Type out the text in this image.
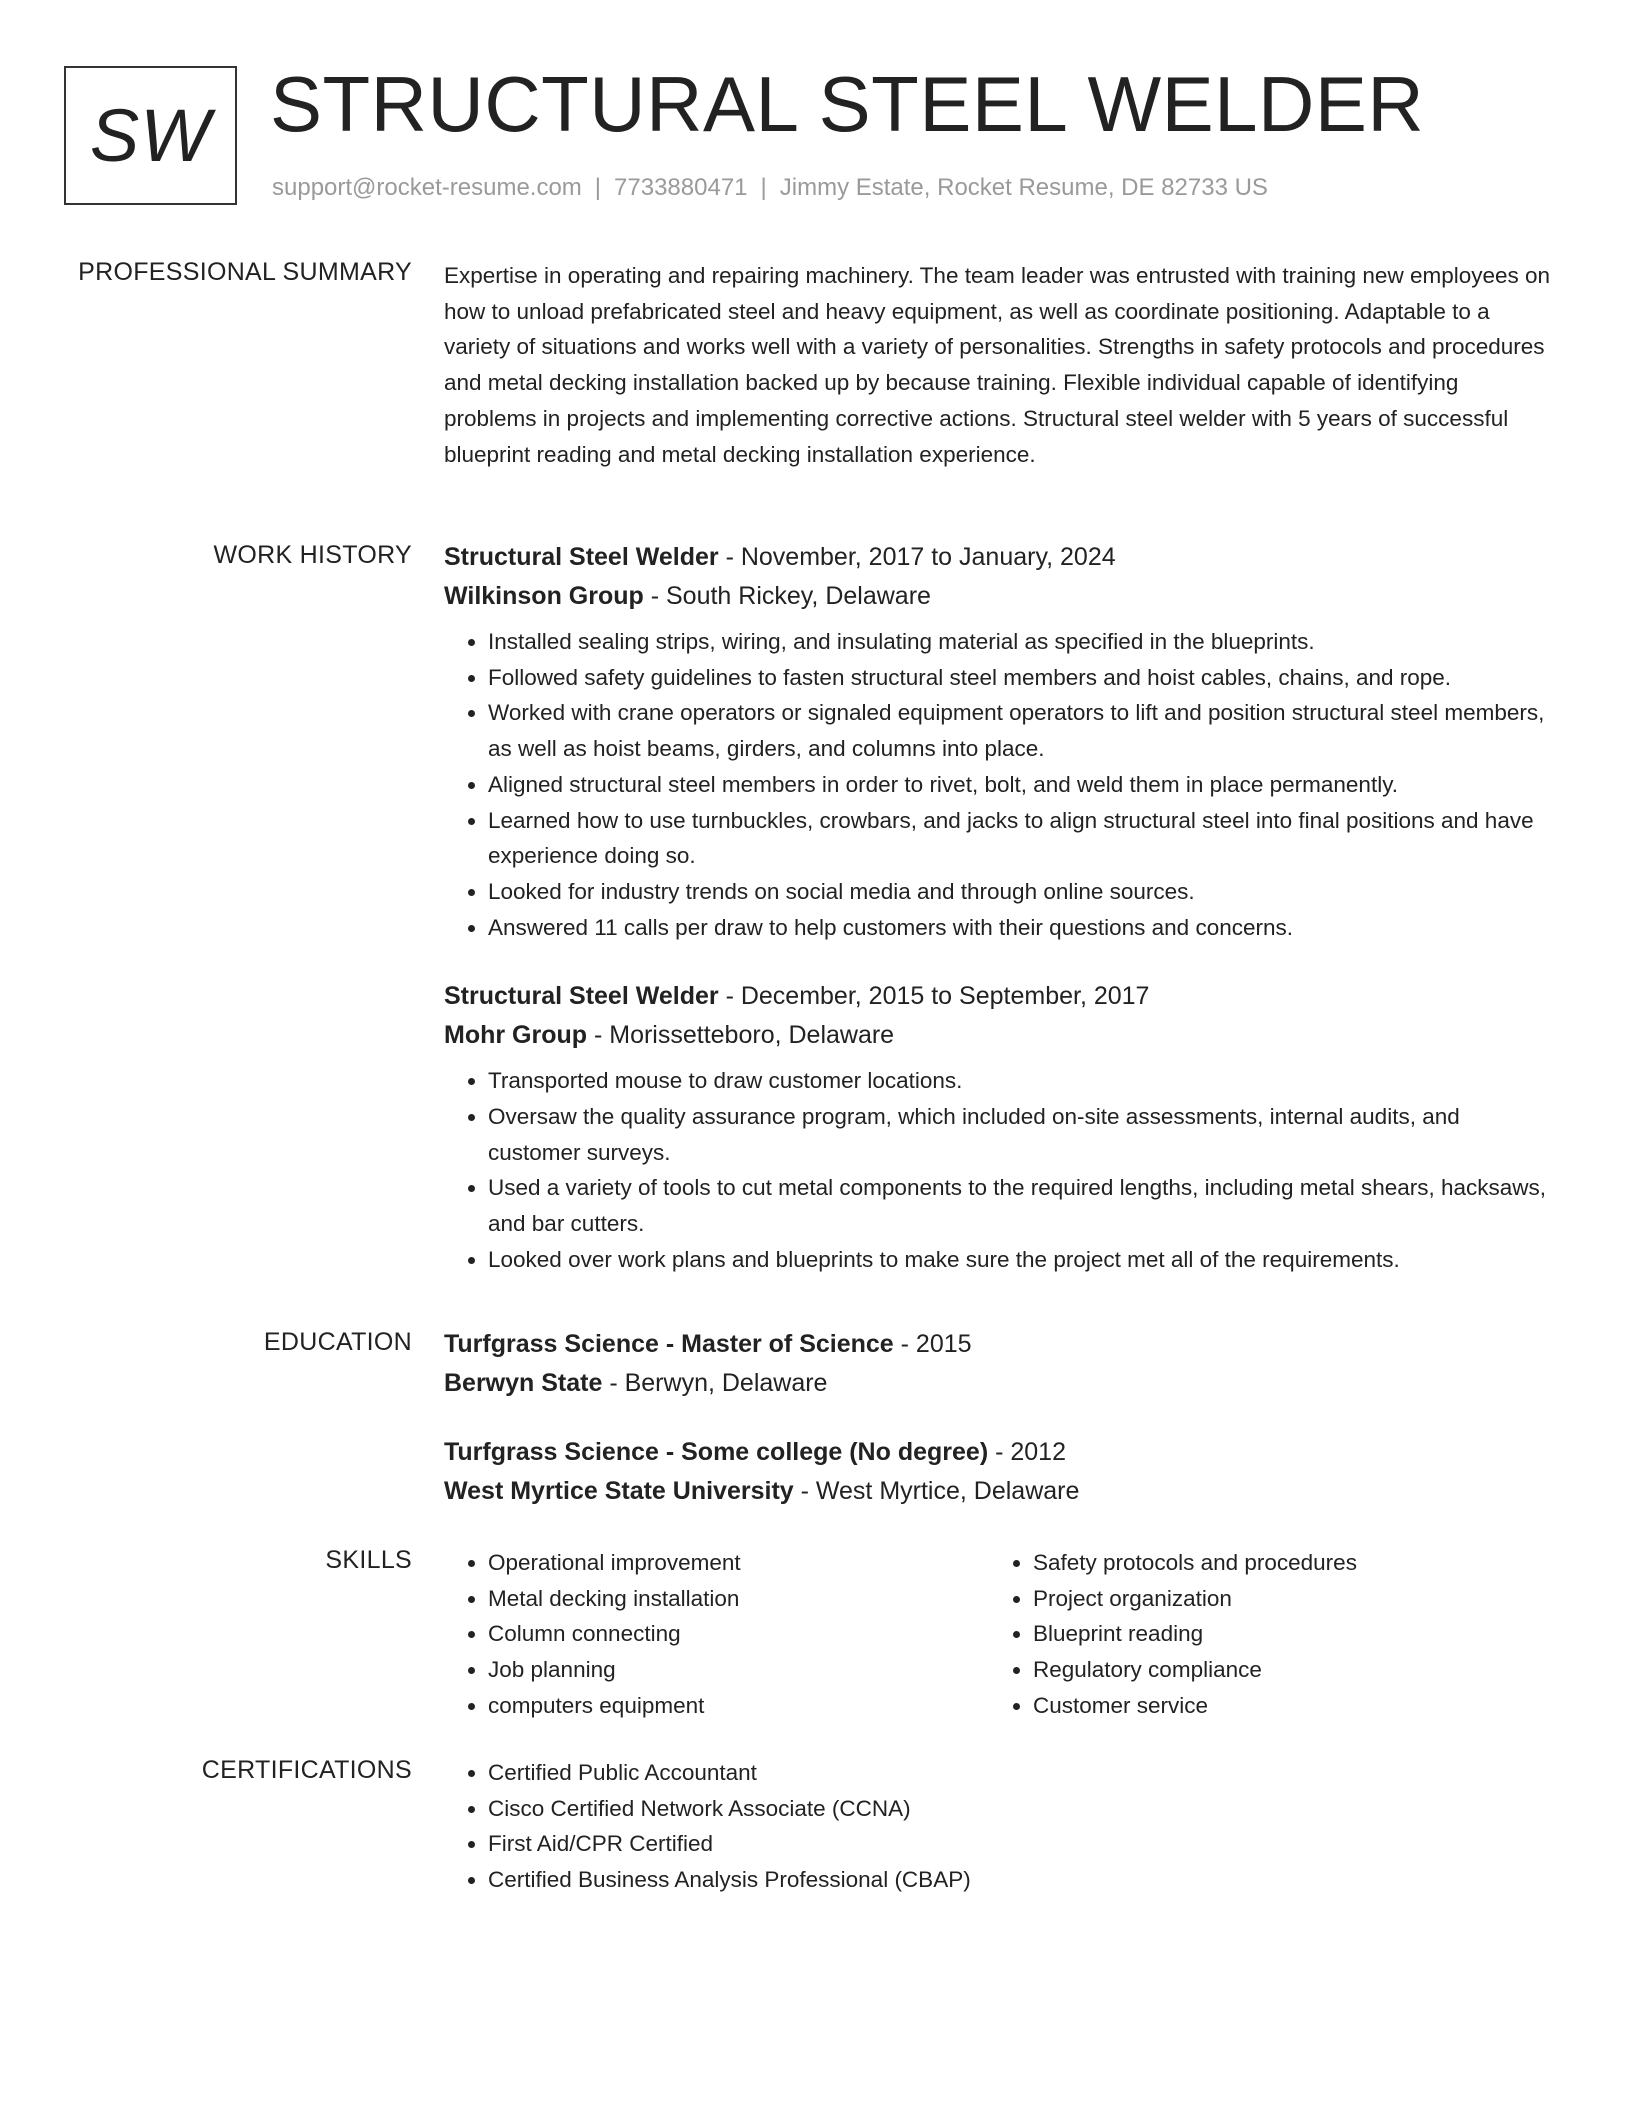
SW STRUCTURAL STEEL WELDER
support@rocket-resume.com | 7733880471 | Jimmy Estate, Rocket Resume, DE 82733 US
PROFESSIONAL SUMMARY Expertise in operating and repairing machinery. The team leader was entrusted with training new employees on how to unload prefabricated steel and heavy equipment, as well as coordinate positioning. Adaptable to a variety of situations and works well with a variety of personalities. Strengths in safety protocols and procedures and metal decking installation backed up by because training. Flexible individual capable of identifying problems in projects and implementing corrective actions. Structural steel welder with 5 years of successful blueprint reading and metal decking installation experience.

WORK HISTORY Structural Steel Welder - November, 2017 to January, 2024
Wilkinson Group - South Rickey, Delaware
• Installed sealing strips, wiring, and insulating material as specified in the blueprints.
• Followed safety guidelines to fasten structural steel members and hoist cables, chains, and rope.
• Worked with crane operators or signaled equipment operators to lift and position structural steel members, as well as hoist beams, girders, and columns into place.
• Aligned structural steel members in order to rivet, bolt, and weld them in place permanently.
• Learned how to use turnbuckles, crowbars, and jacks to align structural steel into final positions and have experience doing so.
• Looked for industry trends on social media and through online sources.
• Answered 11 calls per draw to help customers with their questions and concerns.
Structural Steel Welder - December, 2015 to September, 2017
Mohr Group - Morissetteboro, Delaware
• Transported mouse to draw customer locations.
• Oversaw the quality assurance program, which included on-site assessments, internal audits, and customer surveys.
• Used a variety of tools to cut metal components to the required lengths, including metal shears, hacksaws, and bar cutters.
• Looked over work plans and blueprints to make sure the project met all of the requirements.
EDUCATION Turfgrass Science - Master of Science - 2015
Berwyn State - Berwyn, Delaware
Turfgrass Science - Some college (No degree) - 2012
West Myrtice State University - West Myrtice, Delaware
SKILLS	• Operational improvement
• Metal decking installation
• Column connecting
• Job planning
• computers equipment
• Safety protocols and procedures
• Project organization
• Blueprint reading
• Regulatory compliance
• Customer service
CERTIFICATIONS	• Certified Public Accountant
• Cisco Certified Network Associate (CCNA)
• First Aid/CPR Certified
• Certified Business Analysis Professional (CBAP)
